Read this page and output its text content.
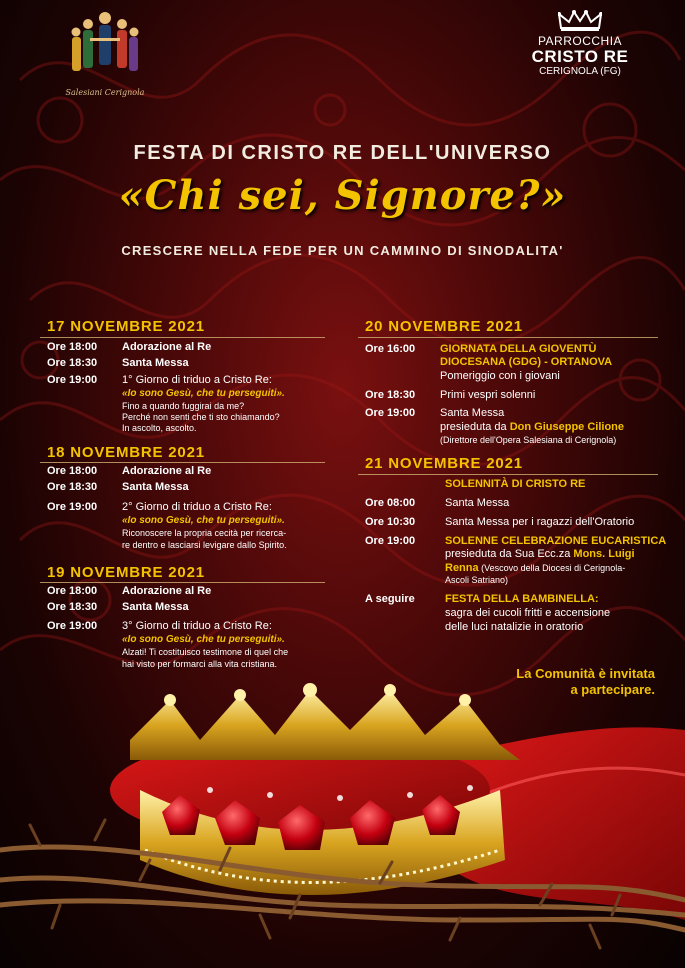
Salesiani Cerignola
PARROCCHIA
CRISTO RE
CERIGNOLA (FG)
FESTA DI CRISTO RE DELL'UNIVERSO
«Chi sei, Signore?»
CRESCERE NELLA FEDE PER UN CAMMINO DI SINODALITA'
17 NOVEMBRE 2021
Ore 18:00 Adorazione al Re
Ore 18:30 Santa Messa
Ore 19:00 1° Giorno di triduo a Cristo Re:
«Io sono Gesù, che tu perseguiti».
Fino a quando fuggirai da me?
Perché non senti che ti sto chiamando?
In ascolto, ascolto.
18 NOVEMBRE 2021
Ore 18:00 Adorazione al Re
Ore 18:30 Santa Messa
Ore 19:00 2° Giorno di triduo a Cristo Re:
«Io sono Gesù, che tu perseguiti».
Riconoscere la propria cecità per ricerca-
re dentro e lasciarsi levigare dallo Spirito.
19 NOVEMBRE 2021
Ore 18:00 Adorazione al Re
Ore 18:30 Santa Messa
Ore 19:00 3° Giorno di triduo a Cristo Re:
«Io sono Gesù, che tu perseguiti».
Alzati! Ti costituisco testimone di quel che
hai visto per formarci alla vita cristiana.
20 NOVEMBRE 2021
Ore 16:00 GIORNATA DELLA GIOVENTÙ
DIOCESANA (GDG) - ORTANOVA
Pomeriggio con i giovani
Ore 18:30 Primi vespri solenni
Ore 19:00 Santa Messa
presieduta da Don Giuseppe Cilione
(Direttore dell'Opera Salesiana di Cerignola)
21 NOVEMBRE 2021
SOLENNITÀ DI CRISTO RE
Ore 08:00	Santa Messa
Ore 10:30	Santa Messa per i ragazzi dell'Oratorio
Ore 19:00	SOLENNE CELEBRAZIONE EUCARISTICA
presieduta da Sua Ecc.za Mons. Luigi
Renna (Vescovo della Diocesi di Cerignola-
Ascoli Satriano)
A seguire	FESTA DELLA BAMBINELLA:
sagra dei cucoli fritti e accensione
delle luci natalizie in oratorio
La Comunità è invitata
a partecipare.
